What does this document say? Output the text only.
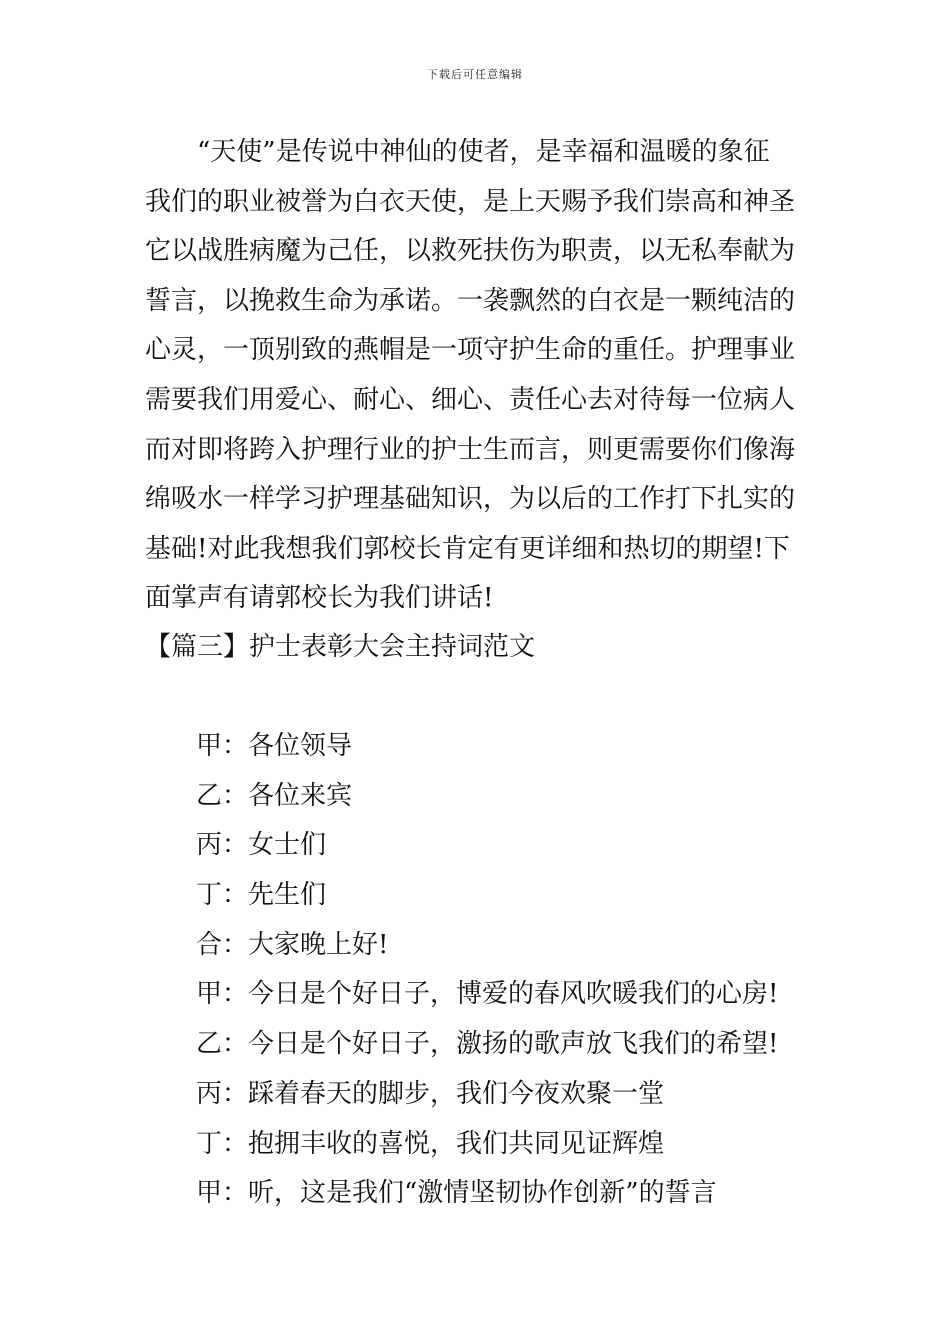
下载后可任意编辑
“天使”是传说中神仙的使者，是幸福和温暖的象征
我们的职业被誉为白衣天使，是上天赐予我们崇高和神圣
它以战胜病魔为己任，以救死扶伤为职责，以无私奉献为
誓言，以挽救生命为承诺。一袭飘然的白衣是一颗纯洁的
心灵，一顶别致的燕帽是一项守护生命的重任。护理事业
需要我们用爱心、耐心、细心、责任心去对待每一位病人
而对即将跨入护理行业的护士生而言，则更需要你们像海
绵吸水一样学习护理基础知识，为以后的工作打下扎实的
基础!对此我想我们郭校长肯定有更详细和热切的期望!下
面掌声有请郭校长为我们讲话!
【篇三】护士表彰大会主持词范文
甲：各位领导
乙：各位来宾
丙：女士们
丁：先生们
合：大家晚上好!
甲：今日是个好日子，博爱的春风吹暖我们的心房!
乙：今日是个好日子，激扬的歌声放飞我们的希望!
丙：踩着春天的脚步，我们今夜欢聚一堂
丁：抱拥丰收的喜悦，我们共同见证辉煌
甲：听，这是我们“激情坚韧协作创新”的誓言
